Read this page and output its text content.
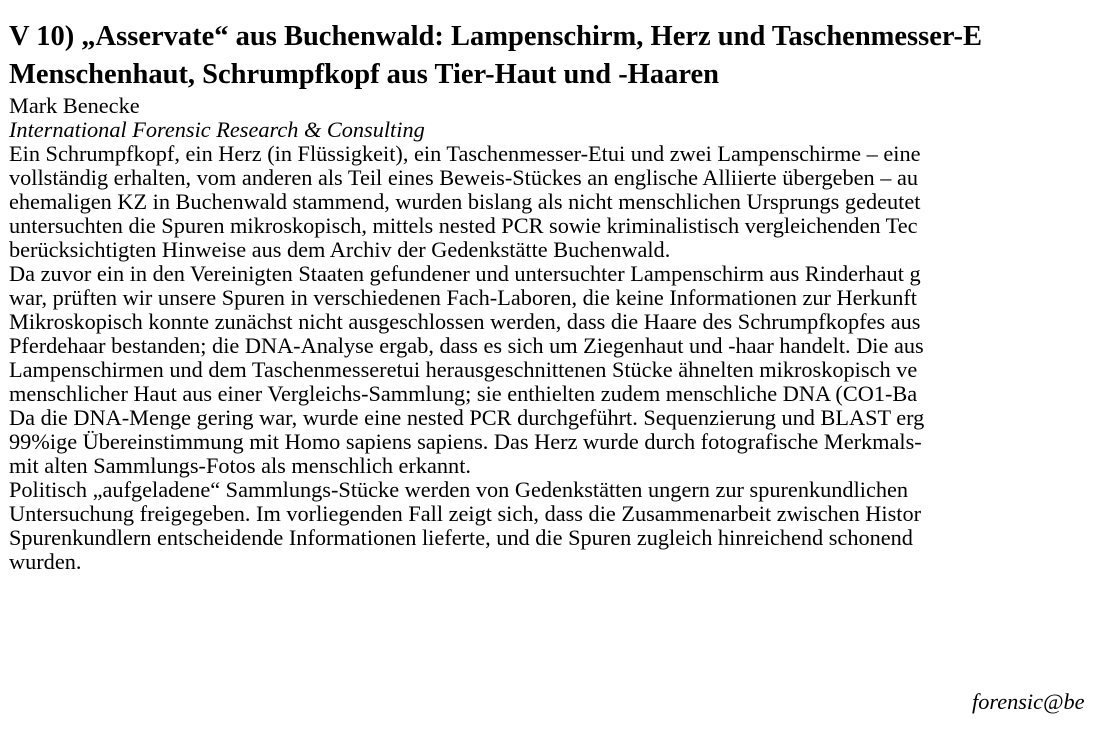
V 10) „Asservate“ aus Buchenwald: Lampenschirm, Herz und Taschenmesser-E
Menschenhaut, Schrumpfkopf aus Tier-Haut und -Haaren
Mark Benecke
International Forensic Research & Consulting
Ein Schrumpfkopf, ein Herz (in Flüssigkeit), ein Taschenmesser-Etui und zwei Lampenschirme – eine
vollständig erhalten, vom anderen als Teil eines Beweis-Stückes an englische Alliierte übergeben – au
ehemaligen KZ in Buchenwald stammend, wurden bislang als nicht menschlichen Ursprungs gedeutet
untersuchten die Spuren mikroskopisch, mittels nested PCR sowie kriminalistisch vergleichenden Tec
berücksichtigten Hinweise aus dem Archiv der Gedenkstätte Buchenwald.
Da zuvor ein in den Vereinigten Staaten gefundener und untersuchter Lampenschirm aus Rinderhaut g
war, prüften wir unsere Spuren in verschiedenen Fach-Laboren, die keine Informationen zur Herkunft
Mikroskopisch konnte zunächst nicht ausgeschlossen werden, dass die Haare des Schrumpfkopfes aus
Pferdehaar bestanden; die DNA-Analyse ergab, dass es sich um Ziegenhaut und -haar handelt. Die aus
Lampenschirmen und dem Taschenmesseretui herausgeschnittenen Stücke ähnelten mikroskopisch ve
menschlicher Haut aus einer Vergleichs-Sammlung; sie enthielten zudem menschliche DNA (CO1-Ba
Da die DNA-Menge gering war, wurde eine nested PCR durchgeführt. Sequenzierung und BLAST erg
99%ige Übereinstimmung mit Homo sapiens sapiens. Das Herz wurde durch fotografische Merkmals-
mit alten Sammlungs-Fotos als menschlich erkannt.
Politisch „aufgeladene“ Sammlungs-Stücke werden von Gedenkstätten ungern zur spurenkundlichen
Untersuchung freigegeben. Im vorliegenden Fall zeigt sich, dass die Zusammenarbeit zwischen Histor
Spurenkundlern entscheidende Informationen lieferte, und die Spuren zugleich hinreichend schonend
wurden.
forensic@be
